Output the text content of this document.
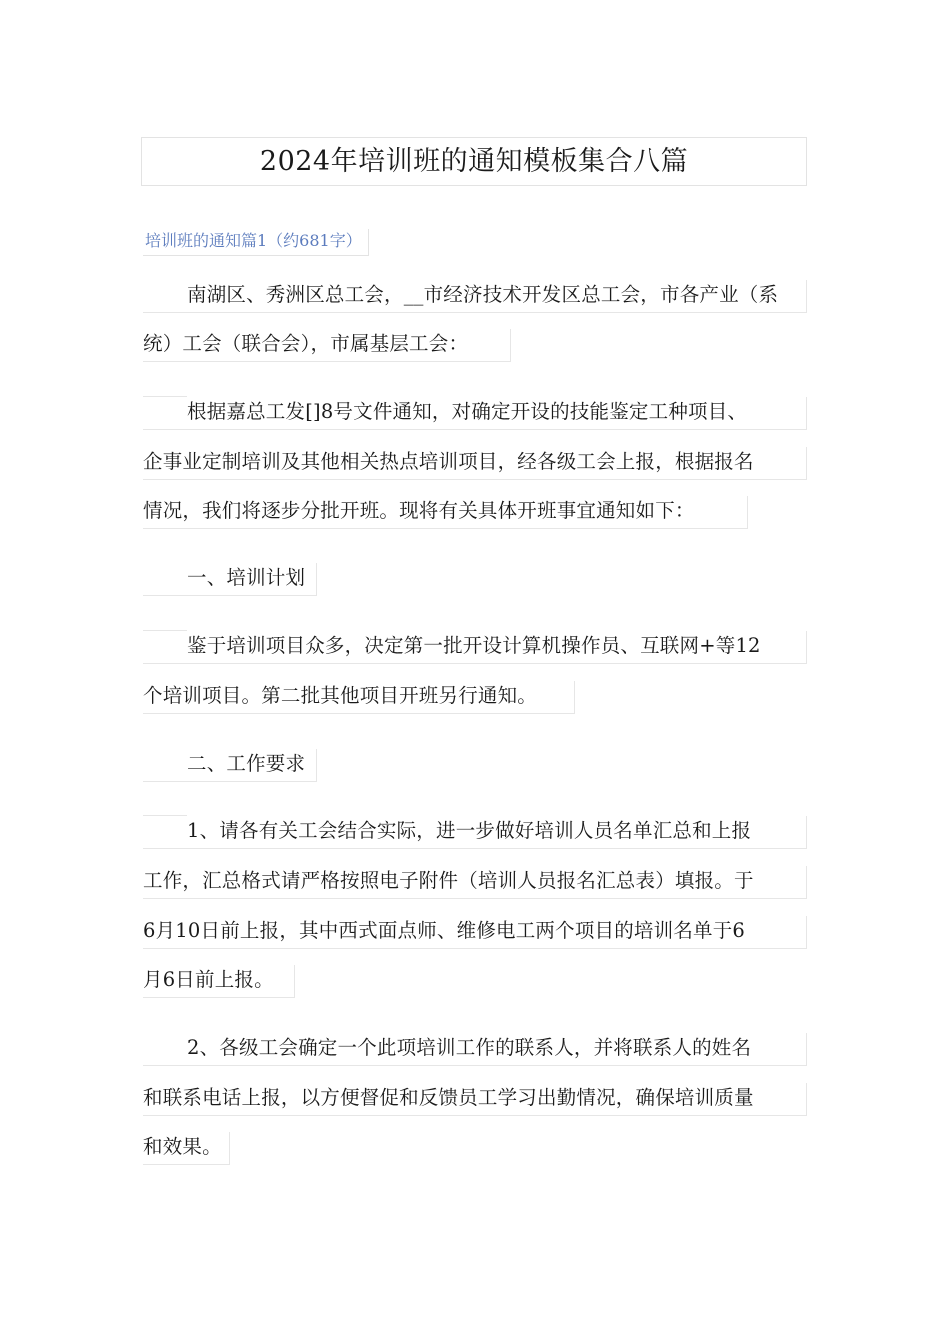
2024年培训班的通知模板集合八篇
培训班的通知篇1（约681字）
南湖区、秀洲区总工会，__市经济技术开发区总工会，市各产业（系
统）工会（联合会），市属基层工会：
根据嘉总工发[]8号文件通知，对确定开设的技能鉴定工种项目、
企事业定制培训及其他相关热点培训项目，经各级工会上报，根据报名
情况，我们将逐步分批开班。现将有关具体开班事宜通知如下：
一、培训计划
鉴于培训项目众多，决定第一批开设计算机操作员、互联网+等12
个培训项目。第二批其他项目开班另行通知。
二、工作要求
1、请各有关工会结合实际，进一步做好培训人员名单汇总和上报
工作，汇总格式请严格按照电子附件（培训人员报名汇总表）填报。于
6月10日前上报，其中西式面点师、维修电工两个项目的培训名单于6
月6日前上报。
2、各级工会确定一个此项培训工作的联系人，并将联系人的姓名
和联系电话上报，以方便督促和反馈员工学习出勤情况，确保培训质量
和效果。
